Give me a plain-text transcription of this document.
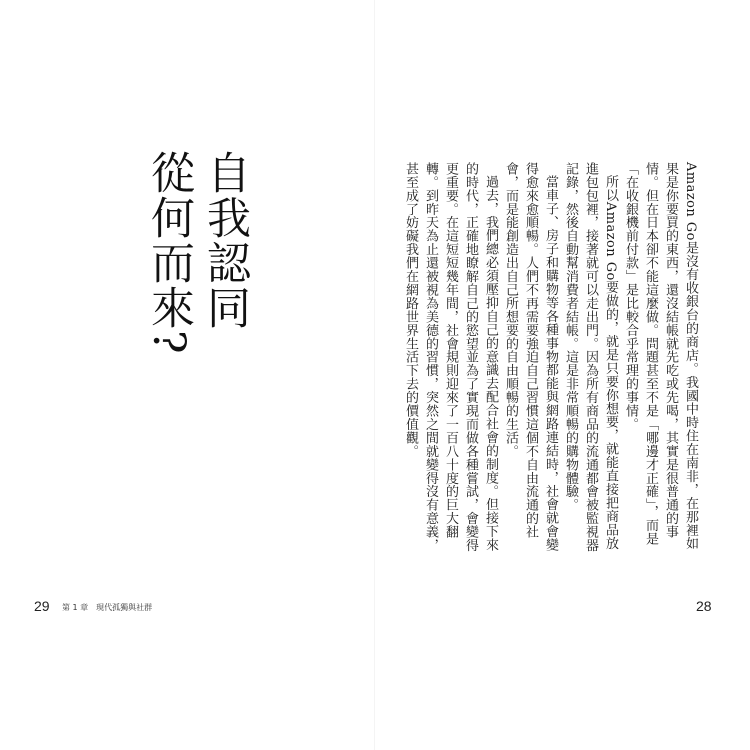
自我認同
從何而來?	Amazon Go是沒有收銀台的商店。我國中時住在南非，在那裡如果是你要買的東西，還沒結帳就先吃或先喝，其實是很普通的事情。但在日本卻不能這麼做。問題甚至不是「哪邊才正確」，而是「在收銀機前付款」是比較合乎常理的事情。

所以Amazon Go要做的，就是只要你想要，就能直接把商品放進包包裡，接著就可以走出門。因為所有商品的流通都會被監視器記錄，然後自動幫消費者結帳。這是非常順暢的購物體驗。

當車子、房子和購物等各種事物都能與網路連結時，社會就會變得愈來愈順暢。人們不再需要強迫自己習慣這個不自由流通的社會，而是能創造出自己所想要的自由順暢的生活。

過去，我們總必須壓抑自己的意識去配合社會的制度。但接下來的時代，正確地瞭解自己的慾望並為了實現而做各種嘗試，會變得更重要。在這短短幾年間，社會規則迎來了一百八十度的巨大翻轉。到昨天為止還被視為美德的習慣，突然之間就變得沒有意義，甚至成了妨礙我們在網路世界生活下去的價值觀。

29 第 1 章　現代孤獨與社群	28
